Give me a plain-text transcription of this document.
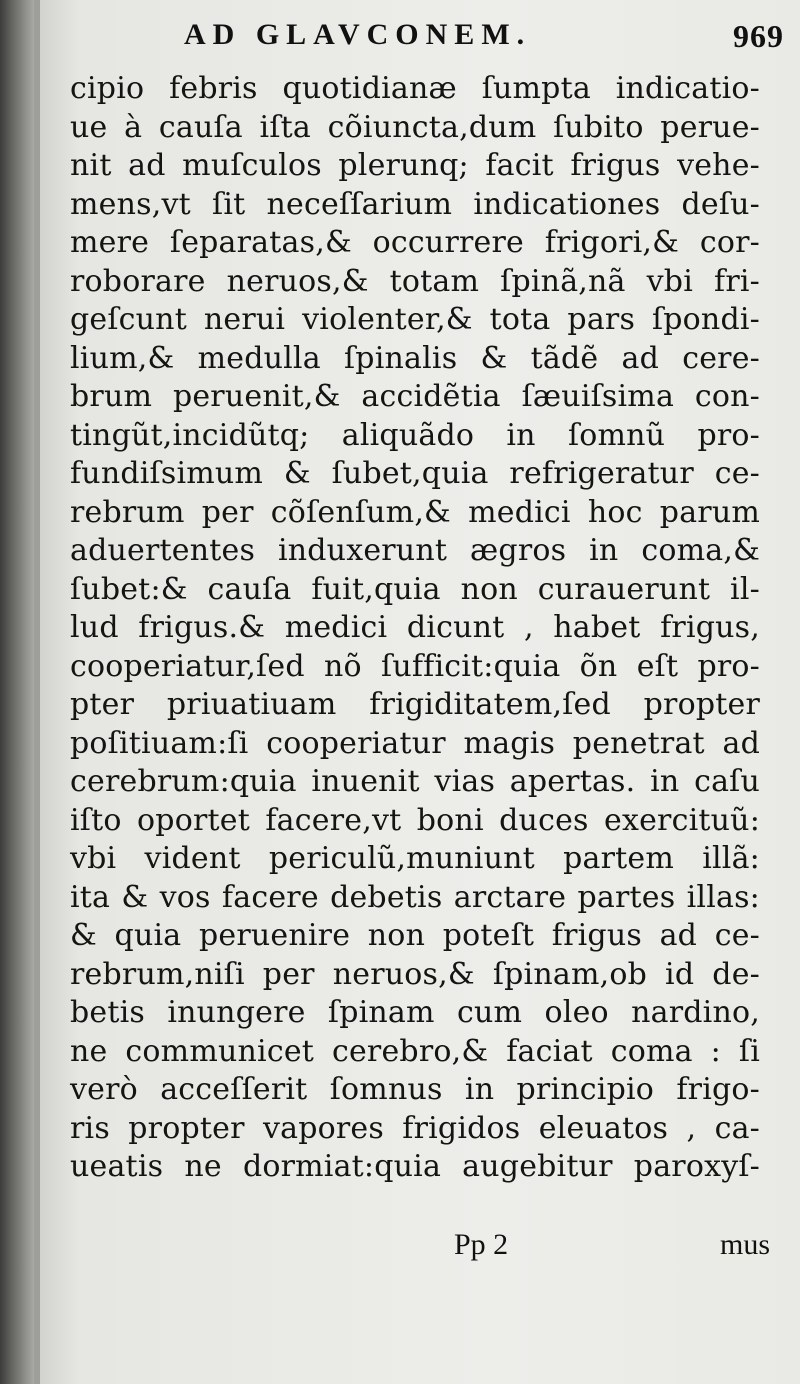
AD GLAVCONEM.	969
cipio febris quotidianæ ſumpta indicatio-
ue à cauſa iſta cõiuncta,dum ſubito perue-
nit ad muſculos plerunq; facit frigus vehe-
mens,vt ſit neceſſarium indicationes deſu-
mere ſeparatas,& occurrere frigori,& cor-
roborare neruos,& totam ſpinã,nã vbi fri-
geſcunt nerui violenter,& tota pars ſpondi-
lium,& medulla ſpinalis & tãdẽ ad cere-
brum peruenit,& accidẽtia ſæuiſsima con-
tingũt,incidũtq; aliquãdo in ſomnũ pro-
fundiſsimum & ſubet,quia refrigeratur ce-
rebrum per cõſenſum,& medici hoc parum
aduertentes induxerunt ægros in coma,&
ſubet:& cauſa fuit,quia non curauerunt il-
lud frigus.& medici dicunt , habet frigus,
cooperiatur,ſed nõ ſufficit:quia õn eſt pro-
pter priuatiuam frigiditatem,ſed propter
poſitiuam:ſi cooperiatur magis penetrat ad
cerebrum:quia inuenit vias apertas. in caſu
iſto oportet facere,vt boni duces exercituũ:
vbi vident periculũ,muniunt partem illã:
ita & vos facere debetis arctare partes illas:
& quia peruenire non poteſt frigus ad ce-
rebrum,niſi per neruos,& ſpinam,ob id de-
betis inungere ſpinam cum oleo nardino,
ne communicet cerebro,& faciat coma : ſi
verò acceſſerit ſomnus in principio frigo-
ris propter vapores frigidos eleuatos , ca-
ueatis ne dormiat:quia augebitur paroxyſ-
Pp 2	mus
